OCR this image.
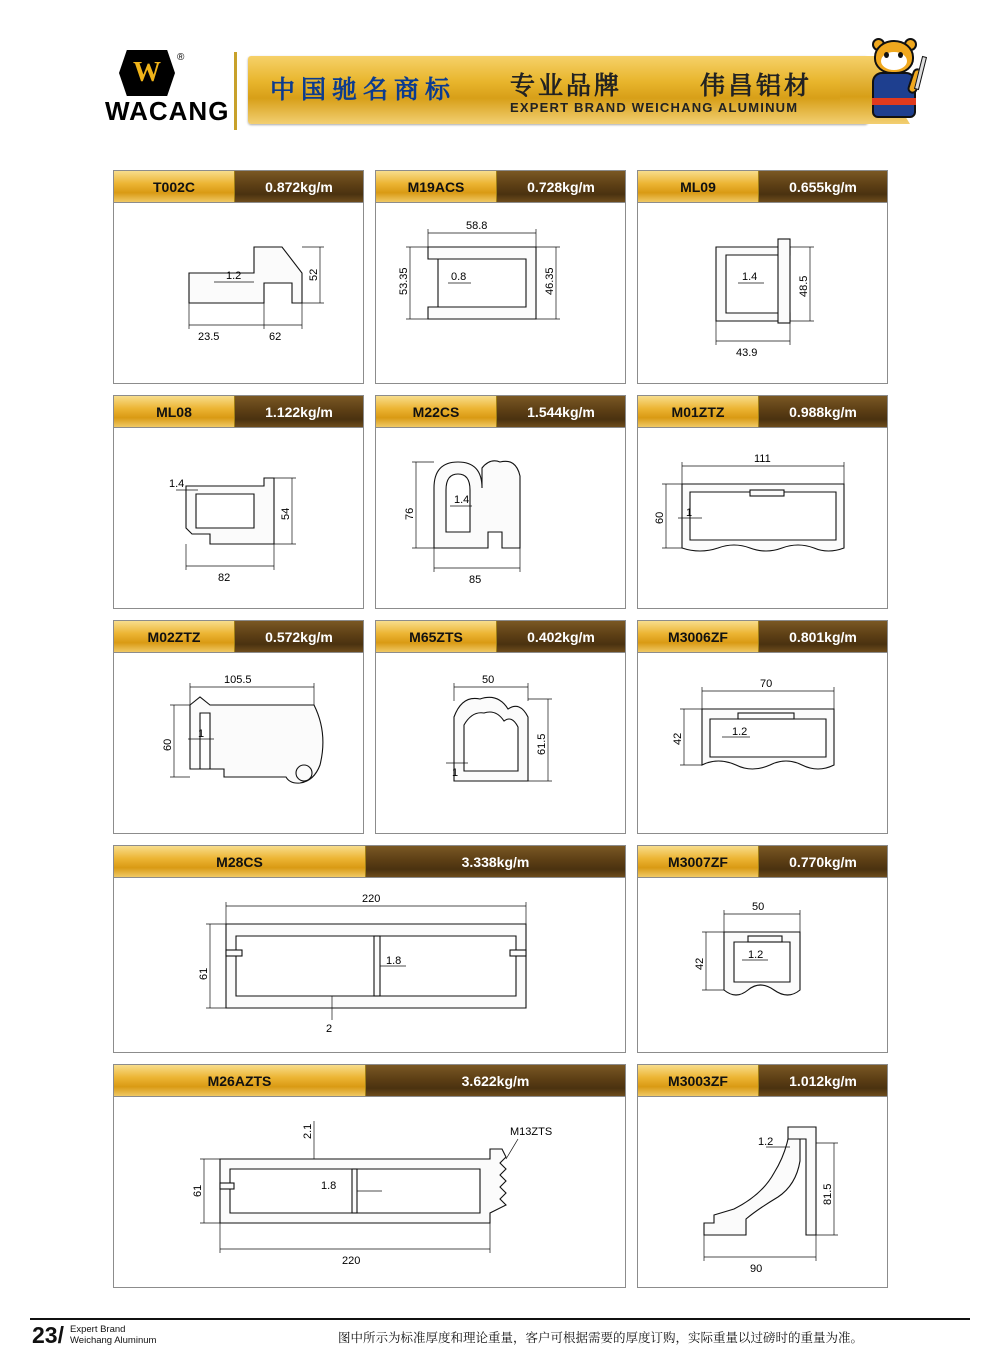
W	®
WACANG
中国驰名商标 专业品牌	伟昌铝材
EXPERT BRAND WEICHANG ALUMINUM
T002C	0.872kg/m
23.5	62
52
1.2
M19ACS	0.728kg/m
58.8
53.35	46.35
0.8
ML09	0.655kg/m
48.5
43.9
1.4
ML08	1.122kg/m
54
82
1.4
M22CS	1.544kg/m
76
85
1.4
M01ZTZ	0.988kg/m
111
60 1
M02ZTZ	0.572kg/m
105.5
60
1
M65ZTS	0.402kg/m
50
61.5
1
M3006ZF	0.801kg/m
70
42
1.2
M28CS	3.338kg/m
220
61
1.8
2
M3007ZF	0.770kg/m
50
42
1.2
M26AZTS	3.622kg/m
61
2.1
1.8
220
M13ZTS
M3003ZF	1.012kg/m
81.5
90
1.2
23/ Expert Brand
Weichang Aluminum	图中所示为标准厚度和理论重量，客户可根据需要的厚度订购，实际重量以过磅时的重量为准。
